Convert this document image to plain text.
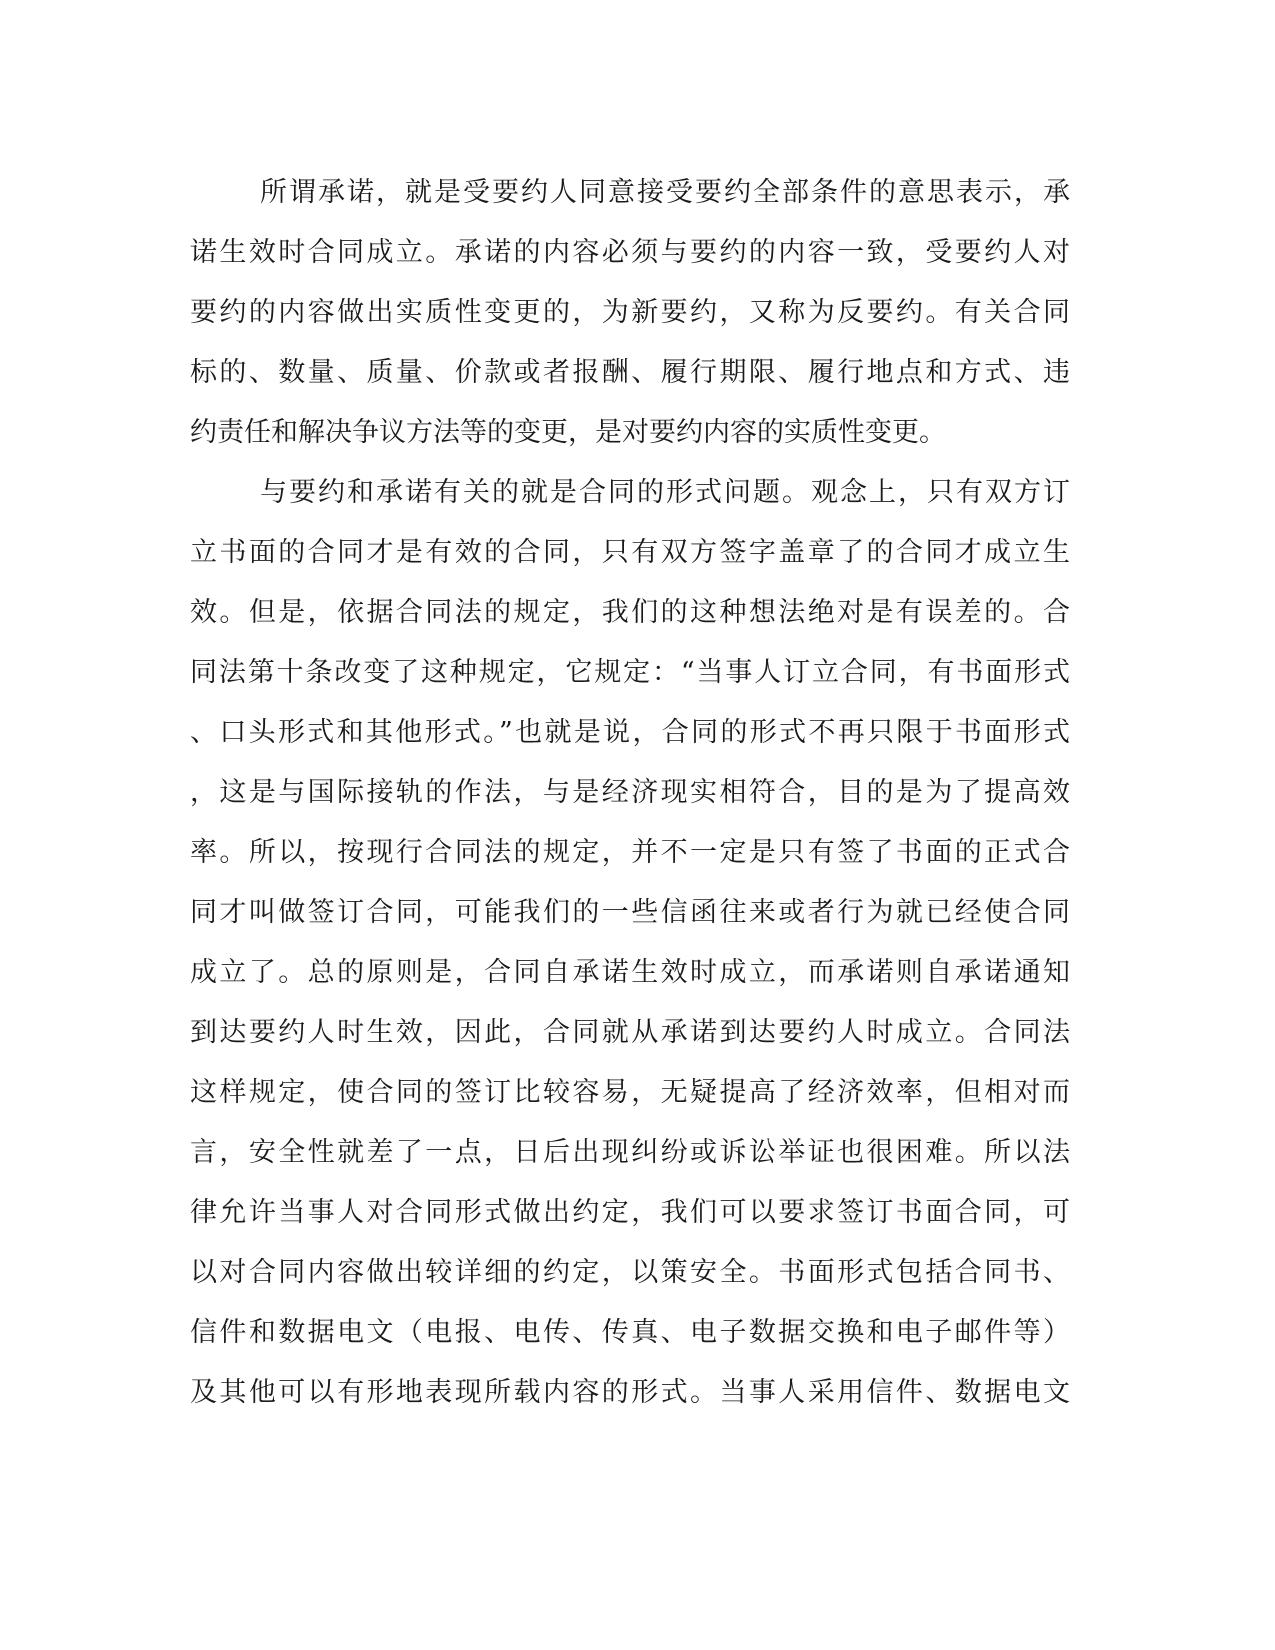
所谓承诺，就是受要约人同意接受要约全部条件的意思表示，承
诺生效时合同成立。承诺的内容必须与要约的内容一致，受要约人对
要约的内容做出实质性变更的，为新要约，又称为反要约。有关合同
标的、数量、质量、价款或者报酬、履行期限、履行地点和方式、违
约责任和解决争议方法等的变更，是对要约内容的实质性变更。
与要约和承诺有关的就是合同的形式问题。观念上，只有双方订
立书面的合同才是有效的合同，只有双方签字盖章了的合同才成立生
效。但是，依据合同法的规定，我们的这种想法绝对是有误差的。合
同法第十条改变了这种规定，它规定：“当事人订立合同，有书面形式
、口头形式和其他形式。”也就是说，合同的形式不再只限于书面形式
，这是与国际接轨的作法，与是经济现实相符合，目的是为了提高效
率。所以，按现行合同法的规定，并不一定是只有签了书面的正式合
同才叫做签订合同，可能我们的一些信函往来或者行为就已经使合同
成立了。总的原则是，合同自承诺生效时成立，而承诺则自承诺通知
到达要约人时生效，因此，合同就从承诺到达要约人时成立。合同法
这样规定，使合同的签订比较容易，无疑提高了经济效率，但相对而
言，安全性就差了一点，日后出现纠纷或诉讼举证也很困难。所以法
律允许当事人对合同形式做出约定，我们可以要求签订书面合同，可
以对合同内容做出较详细的约定，以策安全。书面形式包括合同书、
信件和数据电文（电报、电传、传真、电子数据交换和电子邮件等）
及其他可以有形地表现所载内容的形式。当事人采用信件、数据电文
